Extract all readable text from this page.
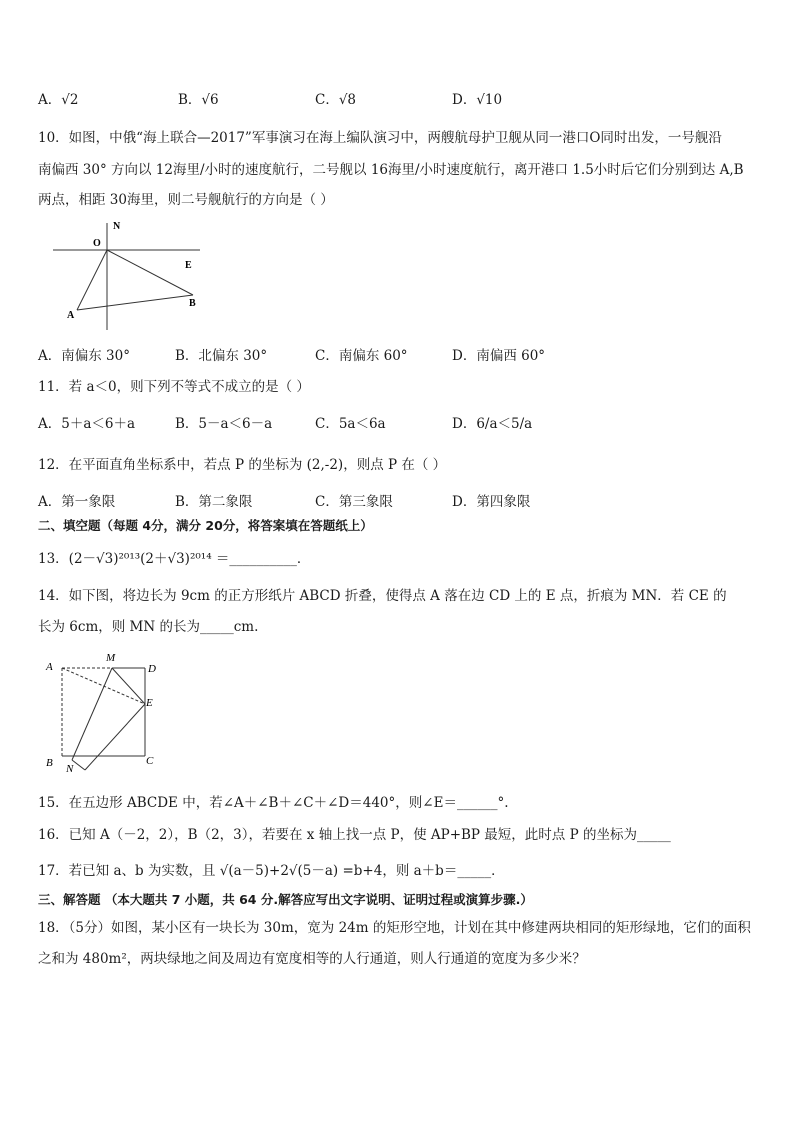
A．√2	B．√6	C．√8	D．√10
10．如图，中俄“海上联合—2017”军事演习在海上编队演习中，两艘航母护卫舰从同一港口O同时出发，一号舰沿
南偏西 30° 方向以 12海里/小时的速度航行，二号舰以 16海里/小时速度航行，离开港口 1.5小时后它们分别到达 A,B
两点，相距 30海里，则二号舰航行的方向是（ ）
N
O
E
A
B
A．南偏东 30°	B．北偏东 30°	C．南偏东 60°	D．南偏西 60°
11．若 a＜0，则下列不等式不成立的是（ ）
A．5＋a＜6＋a	B．5－a＜6－a	C．5a＜6a	D．6/a＜5/a
12．在平面直角坐标系中，若点 P 的坐标为 (2,-2)，则点 P 在（ ）
A．第一象限	B．第二象限	C．第三象限	D．第四象限
二、填空题（每题 4分，满分 20分，将答案填在答题纸上）
13．(2－√3)²⁰¹³(2＋√3)²⁰¹⁴ ＝__________．
14．如下图，将边长为 9cm 的正方形纸片 ABCD 折叠，使得点 A 落在边 CD 上的 E 点，折痕为 MN．若 CE 的
长为 6cm，则 MN 的长为_____cm.
A
M
D
E
B N
C
15．在五边形 ABCDE 中，若∠A＋∠B＋∠C＋∠D＝440°，则∠E＝______°.
16．已知 A（－2，2），B（2，3），若要在 x 轴上找一点 P，使 AP+BP 最短，此时点 P 的坐标为_____
17．若已知 a、b 为实数，且 √(a－5)+2√(5－a) =b+4，则 a＋b＝_____．
三、解答题 （本大题共 7 小题，共 64 分.解答应写出文字说明、证明过程或演算步骤.）
18．（5分）如图，某小区有一块长为 30m，宽为 24m 的矩形空地，计划在其中修建两块相同的矩形绿地，它们的面积
之和为 480m²，两块绿地之间及周边有宽度相等的人行通道，则人行通道的宽度为多少米？
